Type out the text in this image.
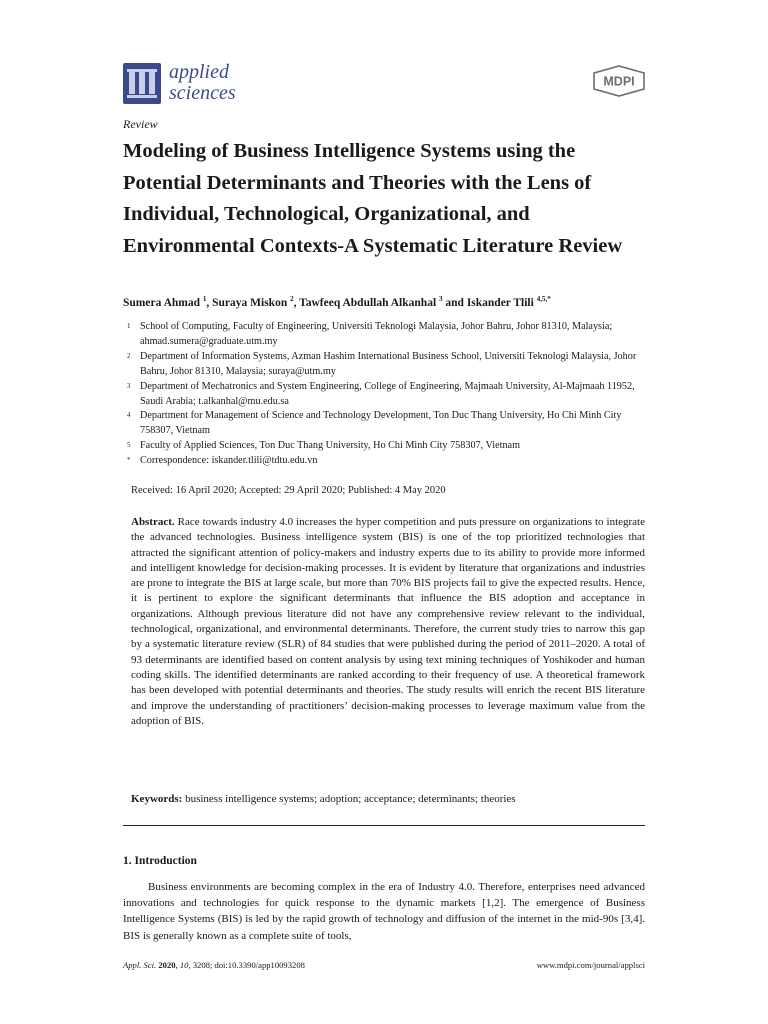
applied
sciences
MDPI
Review
Modeling of Business Intelligence Systems using the Potential Determinants and Theories with the Lens of Individual, Technological, Organizational, and Environmental Contexts-A Systematic Literature Review
Sumera Ahmad $^1$, Suraya Miskon $^2$, Tawfeeq Abdullah Alkanhal $^3$ and Iskander Tlili $^{4,5,*}$
1 School of Computing, Faculty of Engineering, Universiti Teknologi Malaysia, Johor Bahru, Johor 81310, Malaysia; ahmad.sumera@graduate.utm.my
2 Department of Information Systems, Azman Hashim International Business School, Universiti Teknologi Malaysia, Johor Bahru, Johor 81310, Malaysia; suraya@utm.my
3 Department of Mechatronics and System Engineering, College of Engineering, Majmaah University, Al-Majmaah 11952, Saudi Arabia; t.alkanhal@mu.edu.sa
4 Department for Management of Science and Technology Development, Ton Duc Thang University, Ho Chi Minh City 758307, Vietnam
5 Faculty of Applied Sciences, Ton Duc Thang University, Ho Chi Minh City 758307, Vietnam
* Correspondence: iskander.tlili@tdtu.edu.vn
Received: 16 April 2020; Accepted: 29 April 2020; Published: 4 May 2020
Abstract. Race towards industry 4.0 increases the hyper competition and puts pressure on organizations to integrate the advanced technologies. Business intelligence system (BIS) is one of the top prioritized technologies that attracted the significant attention of policy-makers and industry experts due to its ability to provide more informed and intelligent knowledge for decision-making processes. It is evident by literature that organizations and industries are prone to integrate the BIS at large scale, but more than 70% BIS projects fail to give the expected results. Hence, it is pertinent to explore the significant determinants that influence the BIS adoption and acceptance in organizations. Although previous literature did not have any comprehensive review relevant to the individual, technological, organizational, and environmental determinants. Therefore, the current study tries to narrow this gap by a systematic literature review (SLR) of 84 studies that were published during the period of 2011–2020. A total of 93 determinants are identified based on content analysis by using text mining techniques of Yoshikoder and human coding skills. The identified determinants are ranked according to their frequency of use. A theoretical framework has been developed with potential determinants and theories. The study results will enrich the recent BIS literature and improve the understanding of practitioners’ decision-making processes to leverage maximum value from the adoption of BIS.
Keywords: business intelligence systems; adoption; acceptance; determinants; theories
1. Introduction
Business environments are becoming complex in the era of Industry 4.0. Therefore, enterprises need advanced innovations and technologies for quick response to the dynamic markets [1,2]. The emergence of Business Intelligence Systems (BIS) is led by the rapid growth of technology and diffusion of the internet in the mid-90s [3,4]. BIS is generally known as a complete suite of tools,
Appl. Sci. 2020, 10, 3208; doi:10.3390/app10093208	www.mdpi.com/journal/applsci
